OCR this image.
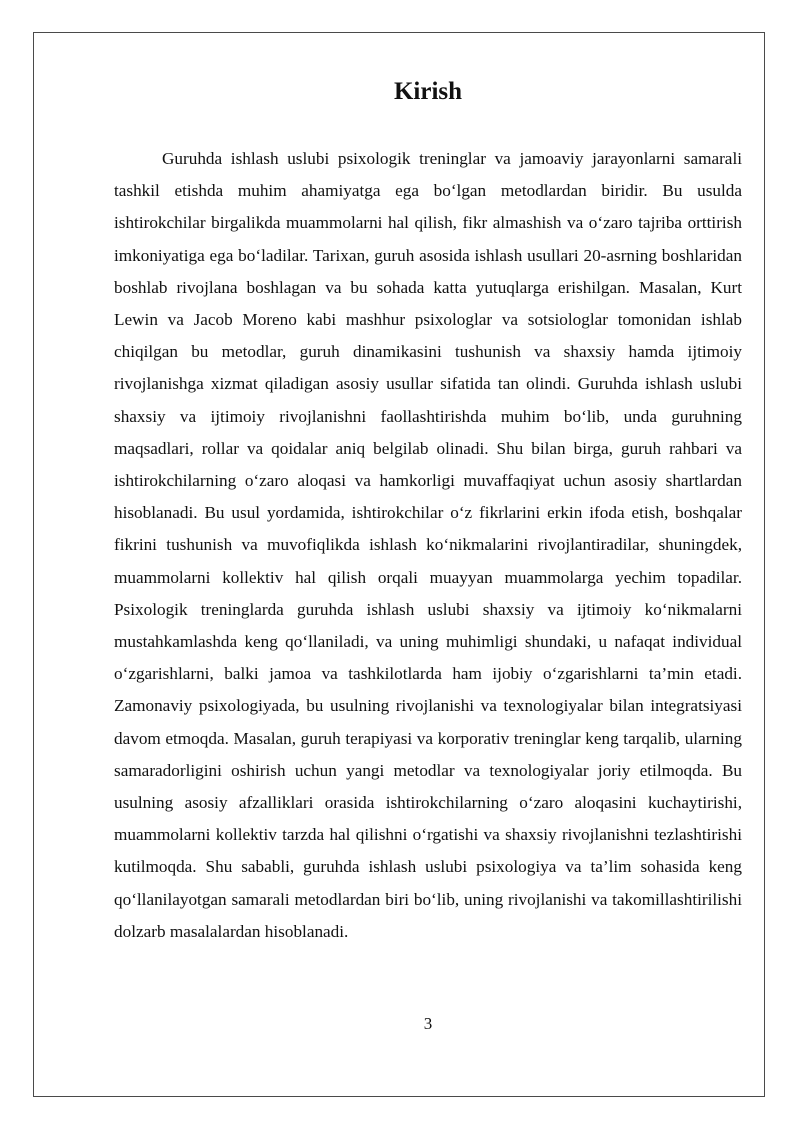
Kirish

Guruhda ishlash uslubi psixologik treninglar va jamoaviy jarayonlarni samarali tashkil etishda muhim ahamiyatga ega bo‘lgan metodlardan biridir. Bu usulda ishtirokchilar birgalikda muammolarni hal qilish, fikr almashish va o‘zaro tajriba orttirish imkoniyatiga ega bo‘ladilar. Tarixan, guruh asosida ishlash usullari 20-asrning boshlaridan boshlab rivojlana boshlagan va bu sohada katta yutuqlarga erishilgan. Masalan, Kurt Lewin va Jacob Moreno kabi mashhur psixologlar va sotsiologlar tomonidan ishlab chiqilgan bu metodlar, guruh dinamikasini tushunish va shaxsiy hamda ijtimoiy rivojlanishga xizmat qiladigan asosiy usullar sifatida tan olindi. Guruhda ishlash uslubi shaxsiy va ijtimoiy rivojlanishni faollashtirishda muhim bo‘lib, unda guruhning maqsadlari, rollar va qoidalar aniq belgilab olinadi. Shu bilan birga, guruh rahbari va ishtirokchilarning o‘zaro aloqasi va hamkorligi muvaffaqiyat uchun asosiy shartlardan hisoblanadi. Bu usul yordamida, ishtirokchilar o‘z fikrlarini erkin ifoda etish, boshqalar fikrini tushunish va muvofiqlikda ishlash ko‘nikmalarini rivojlantiradilar, shuningdek, muammolarni kollektiv hal qilish orqali muayyan muammolarga yechim topadilar. Psixologik treninglarda guruhda ishlash uslubi shaxsiy va ijtimoiy ko‘nikmalarni mustahkamlashda keng qo‘llaniladi, va uning muhimligi shundaki, u nafaqat individual o‘zgarishlarni, balki jamoa va tashkilotlarda ham ijobiy o‘zgarishlarni ta’min etadi. Zamonaviy psixologiyada, bu usulning rivojlanishi va texnologiyalar bilan integratsiyasi davom etmoqda. Masalan, guruh terapiyasi va korporativ treninglar keng tarqalib, ularning samaradorligini oshirish uchun yangi metodlar va texnologiyalar joriy etilmoqda. Bu usulning asosiy afzalliklari orasida ishtirokchilarning o‘zaro aloqasini kuchaytirishi, muammolarni kollektiv tarzda hal qilishni o‘rgatishi va shaxsiy rivojlanishni tezlashtirishi kutilmoqda. Shu sababli, guruhda ishlash uslubi psixologiya va ta’lim sohasida keng qo‘llanilayotgan samarali metodlardan biri bo‘lib, uning rivojlanishi va takomillashtirilishi dolzarb masalalardan hisoblanadi.

3
